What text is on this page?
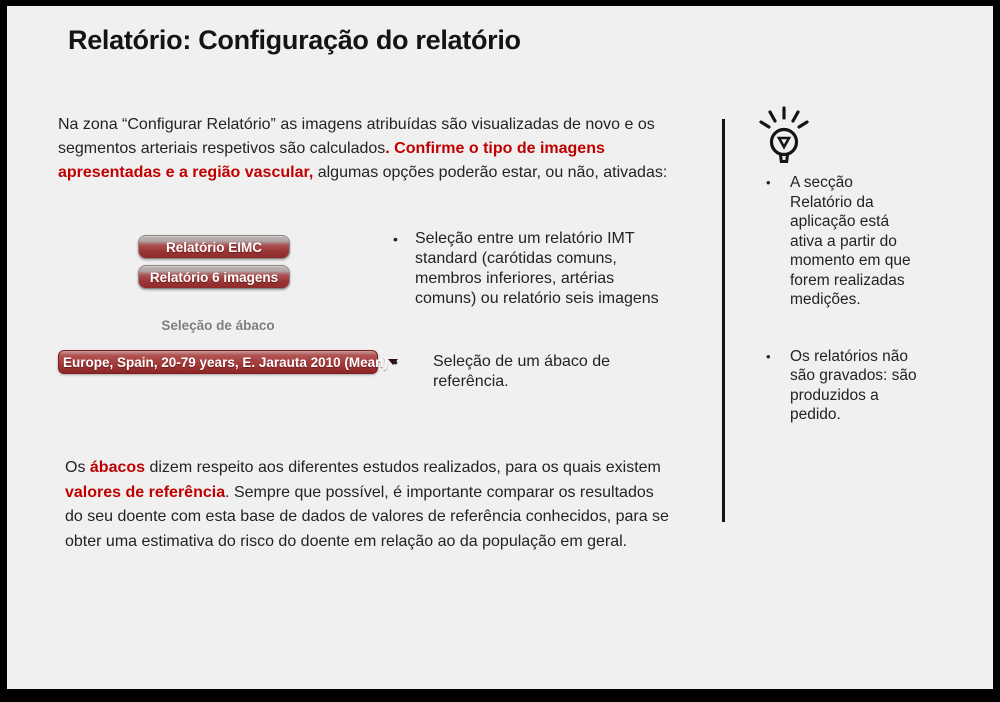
Relatório: Configuração do relatório
Na zona “Configurar Relatório” as imagens atribuídas são visualizadas de novo e os segmentos arteriais respetivos são calculados. Confirme o tipo de imagens apresentadas e a região vascular, algumas opções poderão estar, ou não, ativadas:
Relatório EIMC
Relatório 6 imagens
Seleção de ábaco
Europe, Spain, 20-79 years, E. Jarauta 2010 (Mean)
• Seleção entre um relatório IMT standard (carótidas comuns, membros inferiores, artérias comuns) ou relatório seis imagens
• Seleção de um ábaco de referência.
Os ábacos dizem respeito aos diferentes estudos realizados, para os quais existem valores de referência. Sempre que possível, é importante comparar os resultados do seu doente com esta base de dados de valores de referência conhecidos, para se obter uma estimativa do risco do doente em relação ao da população em geral.
• A secção Relatório da aplicação está ativa a partir do momento em que forem realizadas medições.
• Os relatórios não são gravados: são produzidos a pedido.
